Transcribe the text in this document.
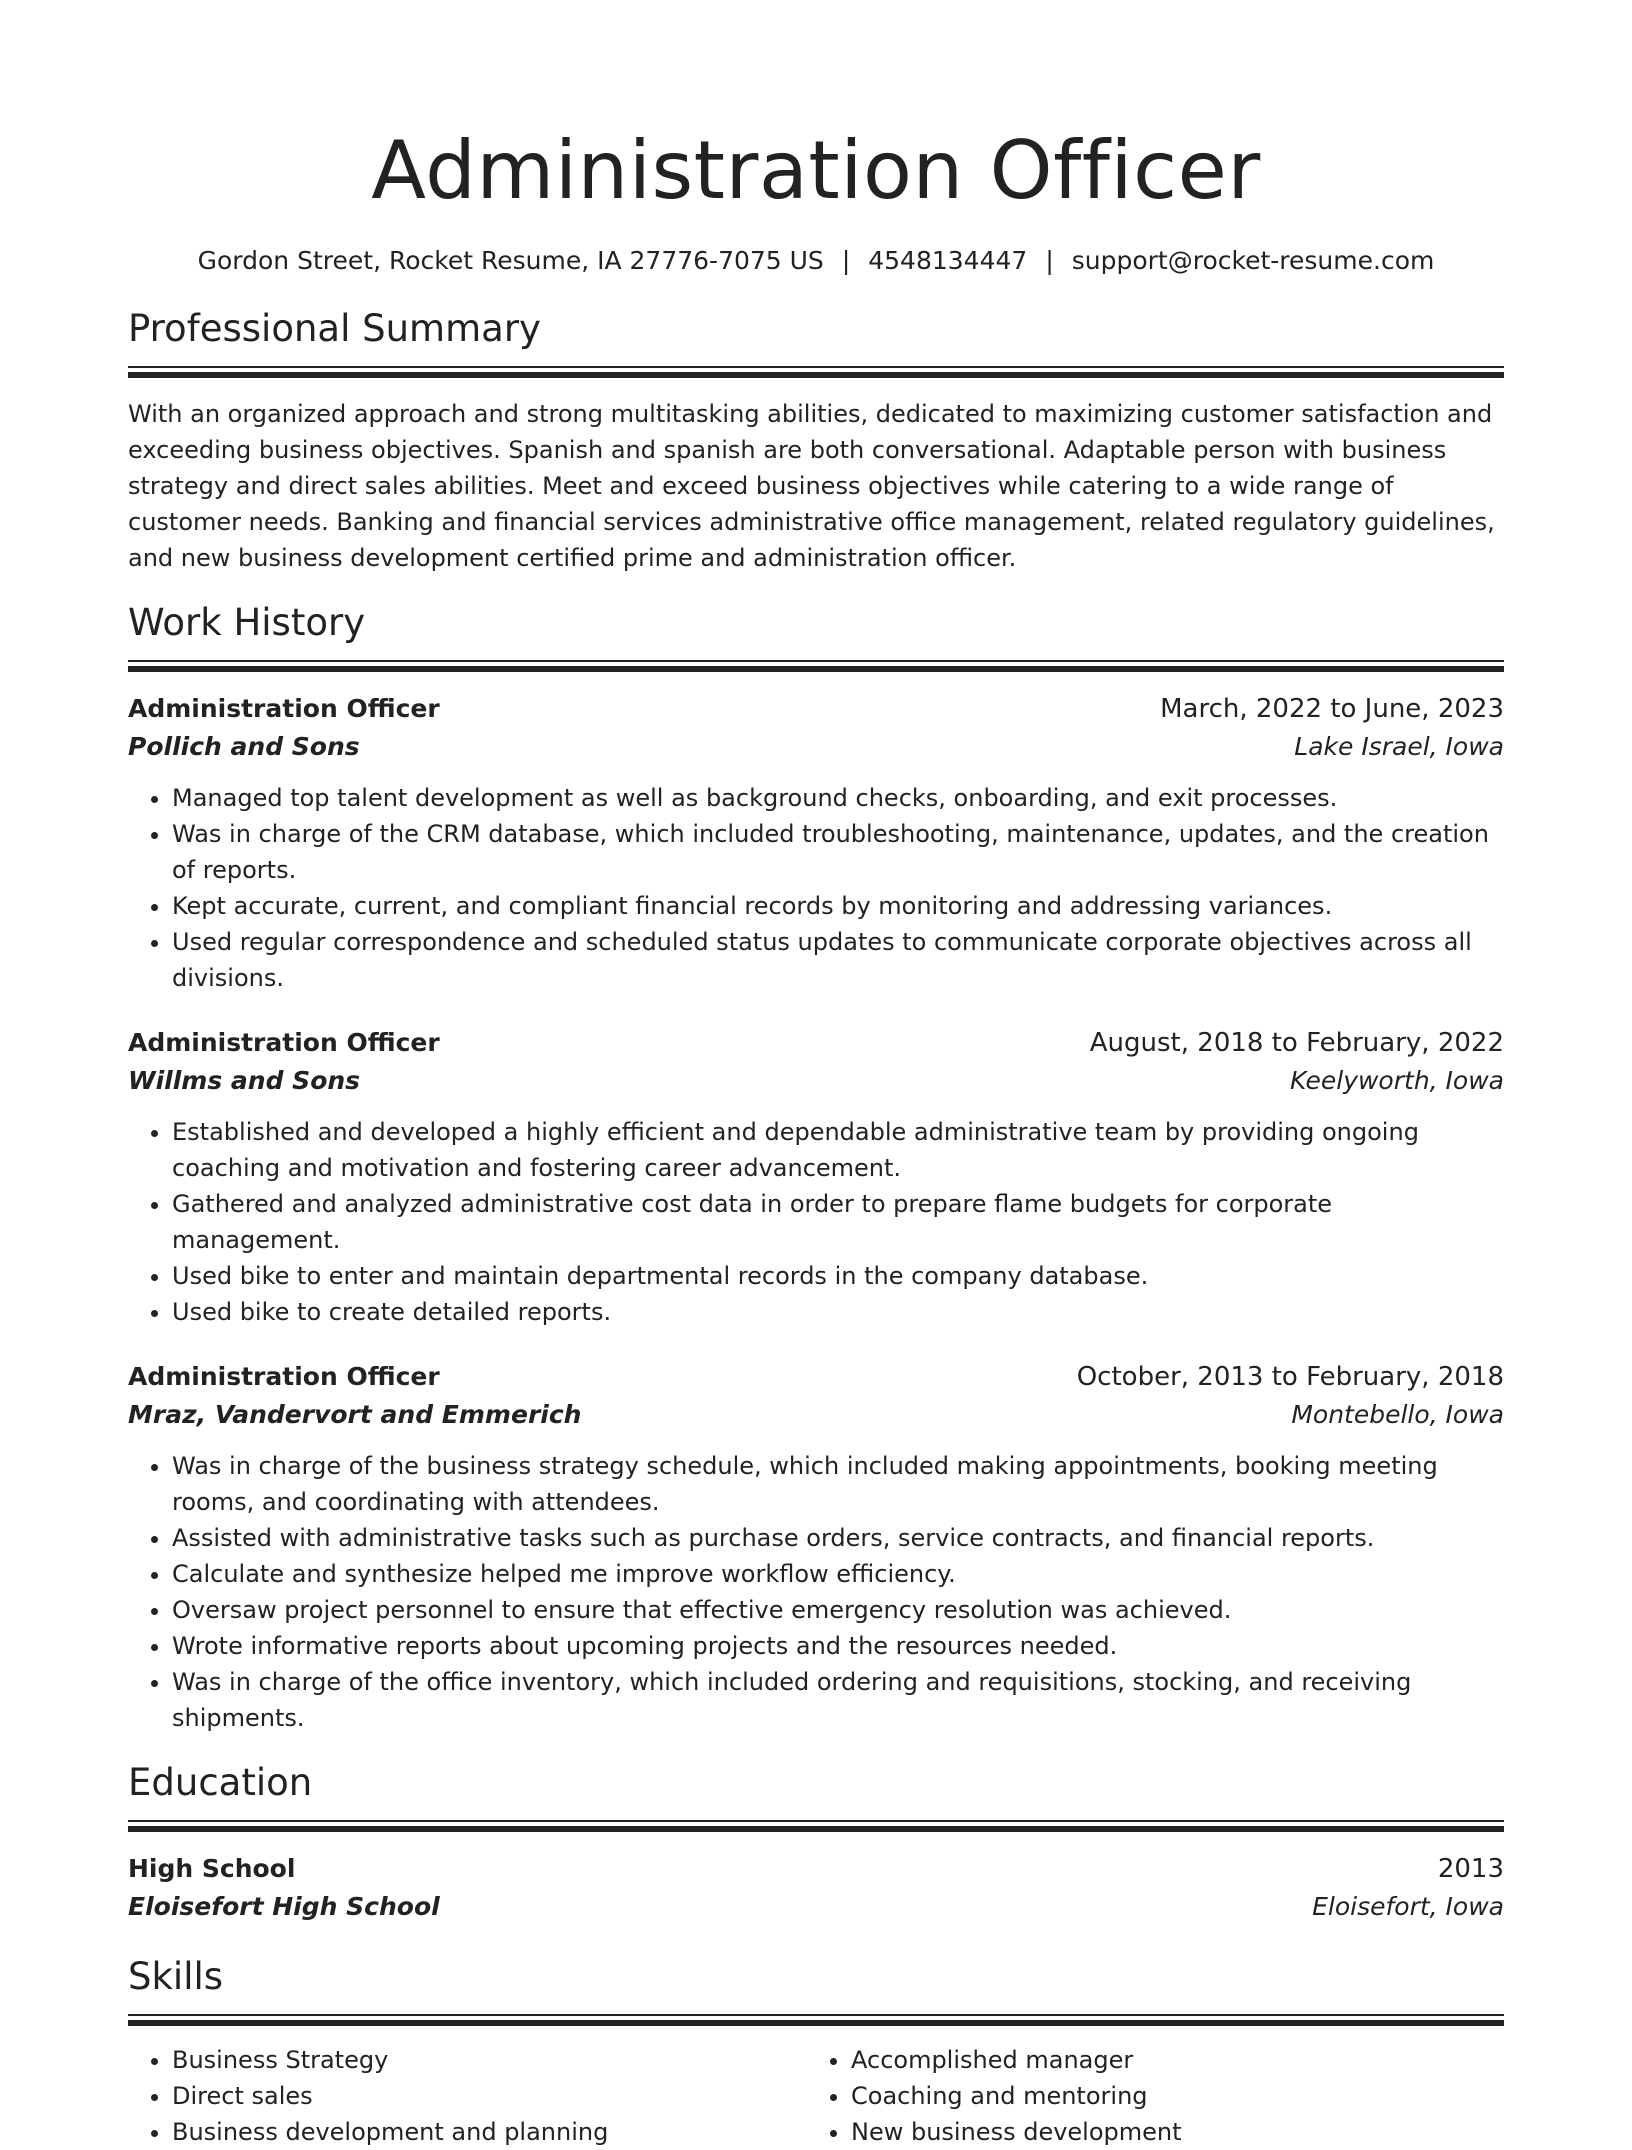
Administration Officer
Gordon Street, Rocket Resume, IA 27776-7075 US | 4548134447 | support@rocket-resume.com
Professional Summary
With an organized approach and strong multitasking abilities, dedicated to maximizing customer satisfaction and exceeding business objectives. Spanish and spanish are both conversational. Adaptable person with business strategy and direct sales abilities. Meet and exceed business objectives while catering to a wide range of customer needs. Banking and financial services administrative office management, related regulatory guidelines, and new business development certified prime and administration officer.
Work History
Administration Officer	March, 2022 to June, 2023
Pollich and Sons	Lake Israel, Iowa
• Managed top talent development as well as background checks, onboarding, and exit processes.
• Was in charge of the CRM database, which included troubleshooting, maintenance, updates, and the creation of reports.
• Kept accurate, current, and compliant financial records by monitoring and addressing variances.
• Used regular correspondence and scheduled status updates to communicate corporate objectives across all divisions.
Administration Officer	August, 2018 to February, 2022
Willms and Sons	Keelyworth, Iowa
• Established and developed a highly efficient and dependable administrative team by providing ongoing coaching and motivation and fostering career advancement.
• Gathered and analyzed administrative cost data in order to prepare flame budgets for corporate management.
• Used bike to enter and maintain departmental records in the company database.
• Used bike to create detailed reports.
Administration Officer	October, 2013 to February, 2018
Mraz, Vandervort and Emmerich	Montebello, Iowa
• Was in charge of the business strategy schedule, which included making appointments, booking meeting rooms, and coordinating with attendees.
• Assisted with administrative tasks such as purchase orders, service contracts, and financial reports.
• Calculate and synthesize helped me improve workflow efficiency.
• Oversaw project personnel to ensure that effective emergency resolution was achieved.
• Wrote informative reports about upcoming projects and the resources needed.
• Was in charge of the office inventory, which included ordering and requisitions, stocking, and receiving shipments.
Education
High School	2013
Eloisefort High School	Eloisefort, Iowa
Skills
• Business Strategy
• Direct sales
• Business development and planning
• Accomplished manager
• Coaching and mentoring
• New business development
